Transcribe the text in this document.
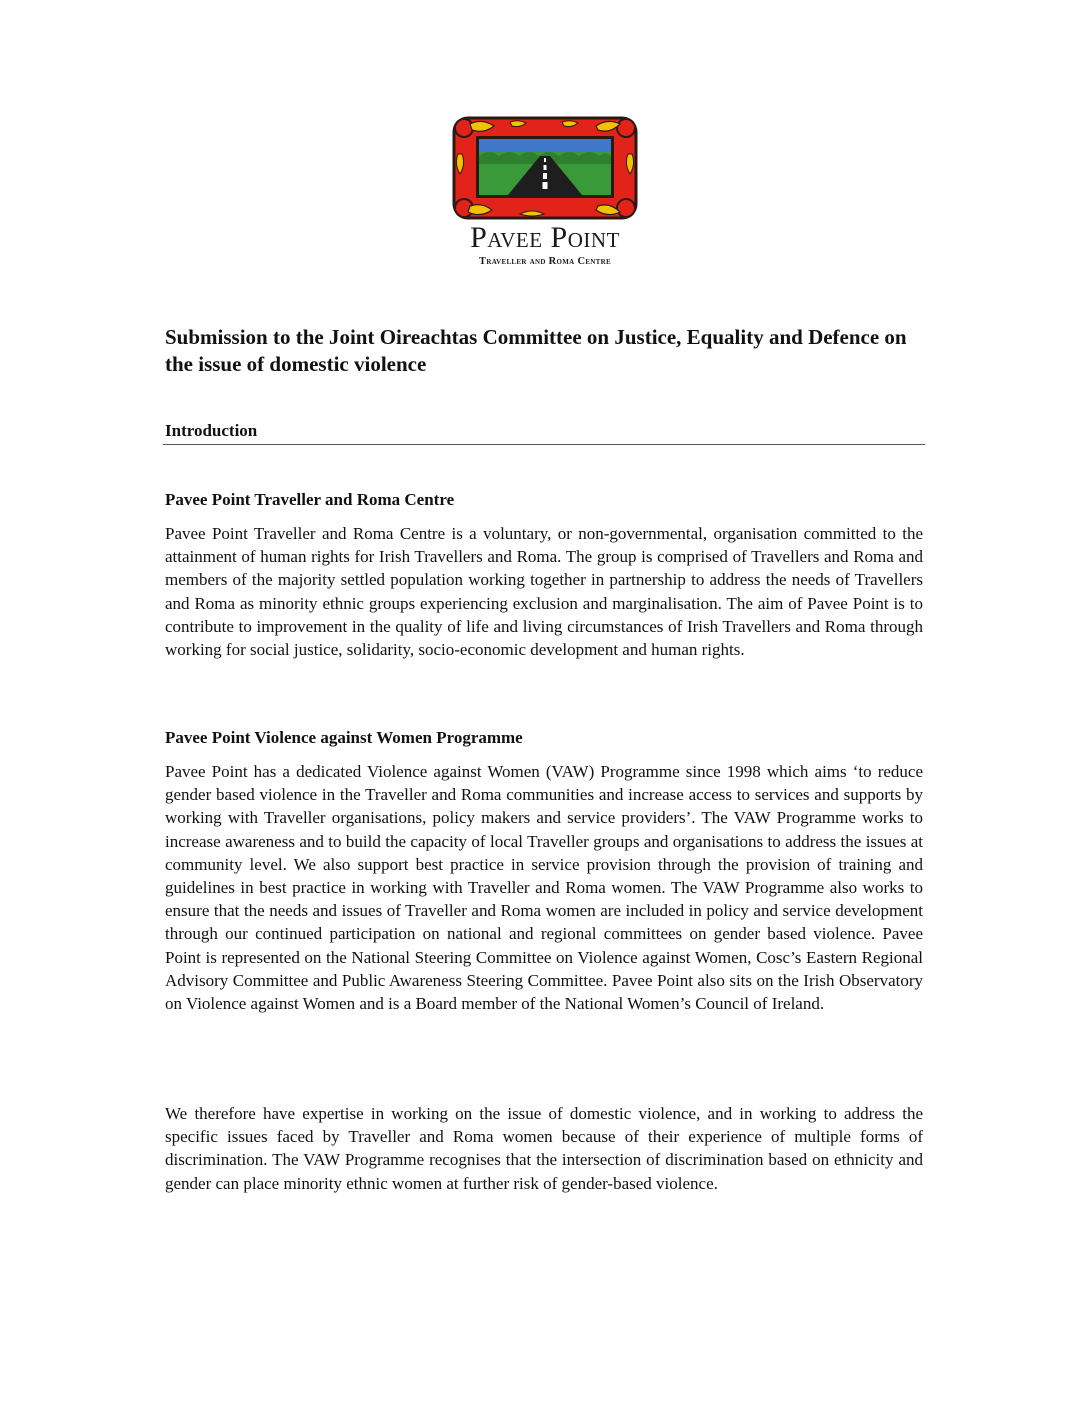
Pavee Point
Traveller and Roma Centre
Submission to the Joint Oireachtas Committee on Justice, Equality and Defence on the issue of domestic violence
Introduction
Pavee Point Traveller and Roma Centre

Pavee Point Traveller and Roma Centre is a voluntary, or non-governmental, organisation committed to the attainment of human rights for Irish Travellers and Roma. The group is comprised of Travellers and Roma and members of the majority settled population working together in partnership to address the needs of Travellers and Roma as minority ethnic groups experiencing exclusion and marginalisation. The aim of Pavee Point is to contribute to improvement in the quality of life and living circumstances of Irish Travellers and Roma through working for social justice, solidarity, socio-economic development and human rights.

Pavee Point Violence against Women Programme

Pavee Point has a dedicated Violence against Women (VAW) Programme since 1998 which aims ‘to reduce gender based violence in the Traveller and Roma communities and increase access to services and supports by working with Traveller organisations, policy makers and service providers’. The VAW Programme works to increase awareness and to build the capacity of local Traveller groups and organisations to address the issues at community level. We also support best practice in service provision through the provision of training and guidelines in best practice in working with Traveller and Roma women. The VAW Programme also works to ensure that the needs and issues of Traveller and Roma women are included in policy and service development through our continued participation on national and regional committees on gender based violence. Pavee Point is represented on the National Steering Committee on Violence against Women, Cosc’s Eastern Regional Advisory Committee and Public Awareness Steering Committee. Pavee Point also sits on the Irish Observatory on Violence against Women and is a Board member of the National Women’s Council of Ireland.

We therefore have expertise in working on the issue of domestic violence, and in working to address the specific issues faced by Traveller and Roma women because of their experience of multiple forms of discrimination. The VAW Programme recognises that the intersection of discrimination based on ethnicity and gender can place minority ethnic women at further risk of gender-based violence.
